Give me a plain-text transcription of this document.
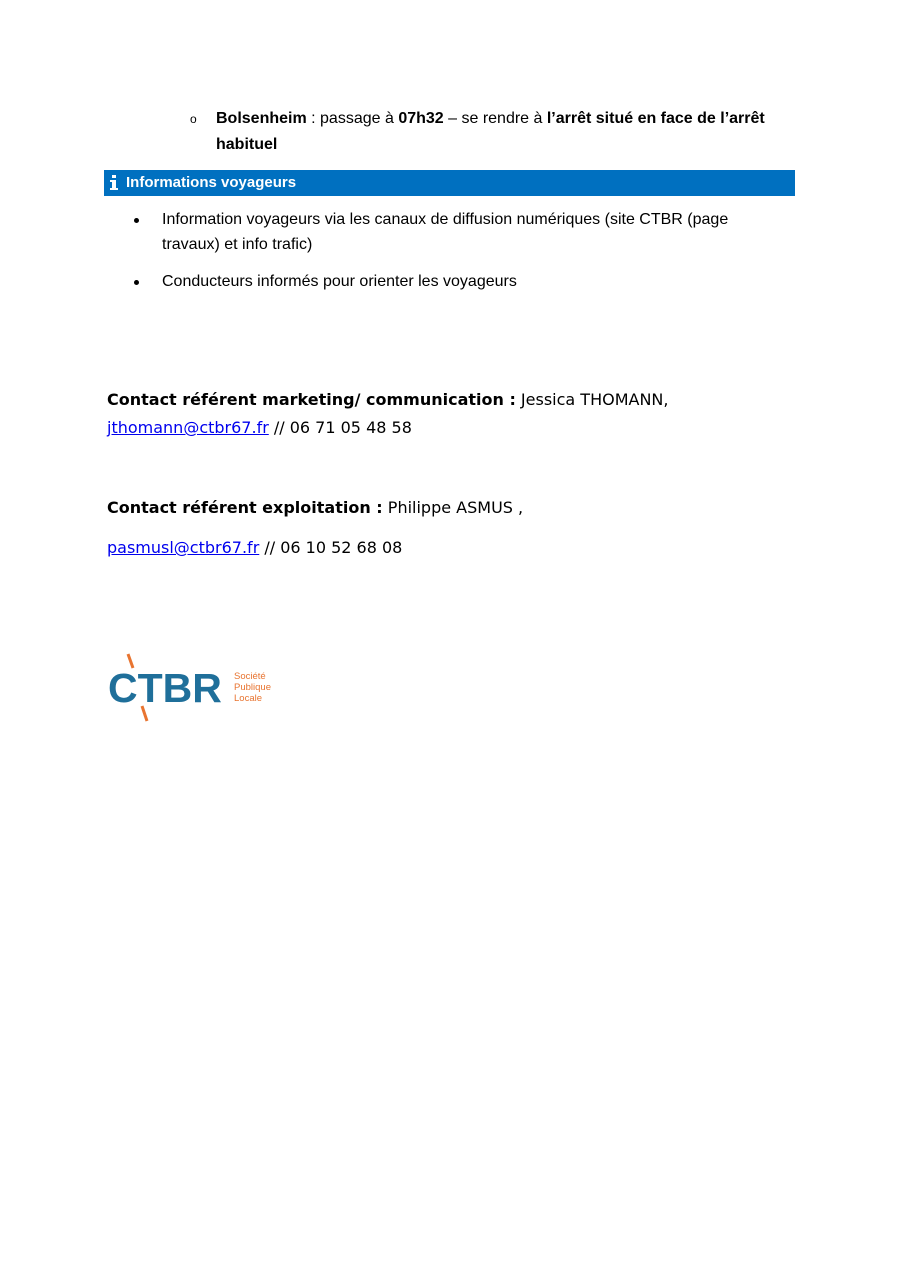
o Bolsenheim : passage à 07h32 – se rendre à l’arrêt situé en face de l’arrêt habituel
Informations voyageurs
Information voyageurs via les canaux de diffusion numériques (site CTBR (page travaux) et info trafic)
Conducteurs informés pour orienter les voyageurs
Contact référent marketing/ communication : Jessica THOMANN,
jthomann@ctbr67.fr // 06 71 05 48 58
Contact référent exploitation : Philippe ASMUS ,
pasmusl@ctbr67.fr // 06 10 52 68 08
CTBR Société
Publique
Locale
